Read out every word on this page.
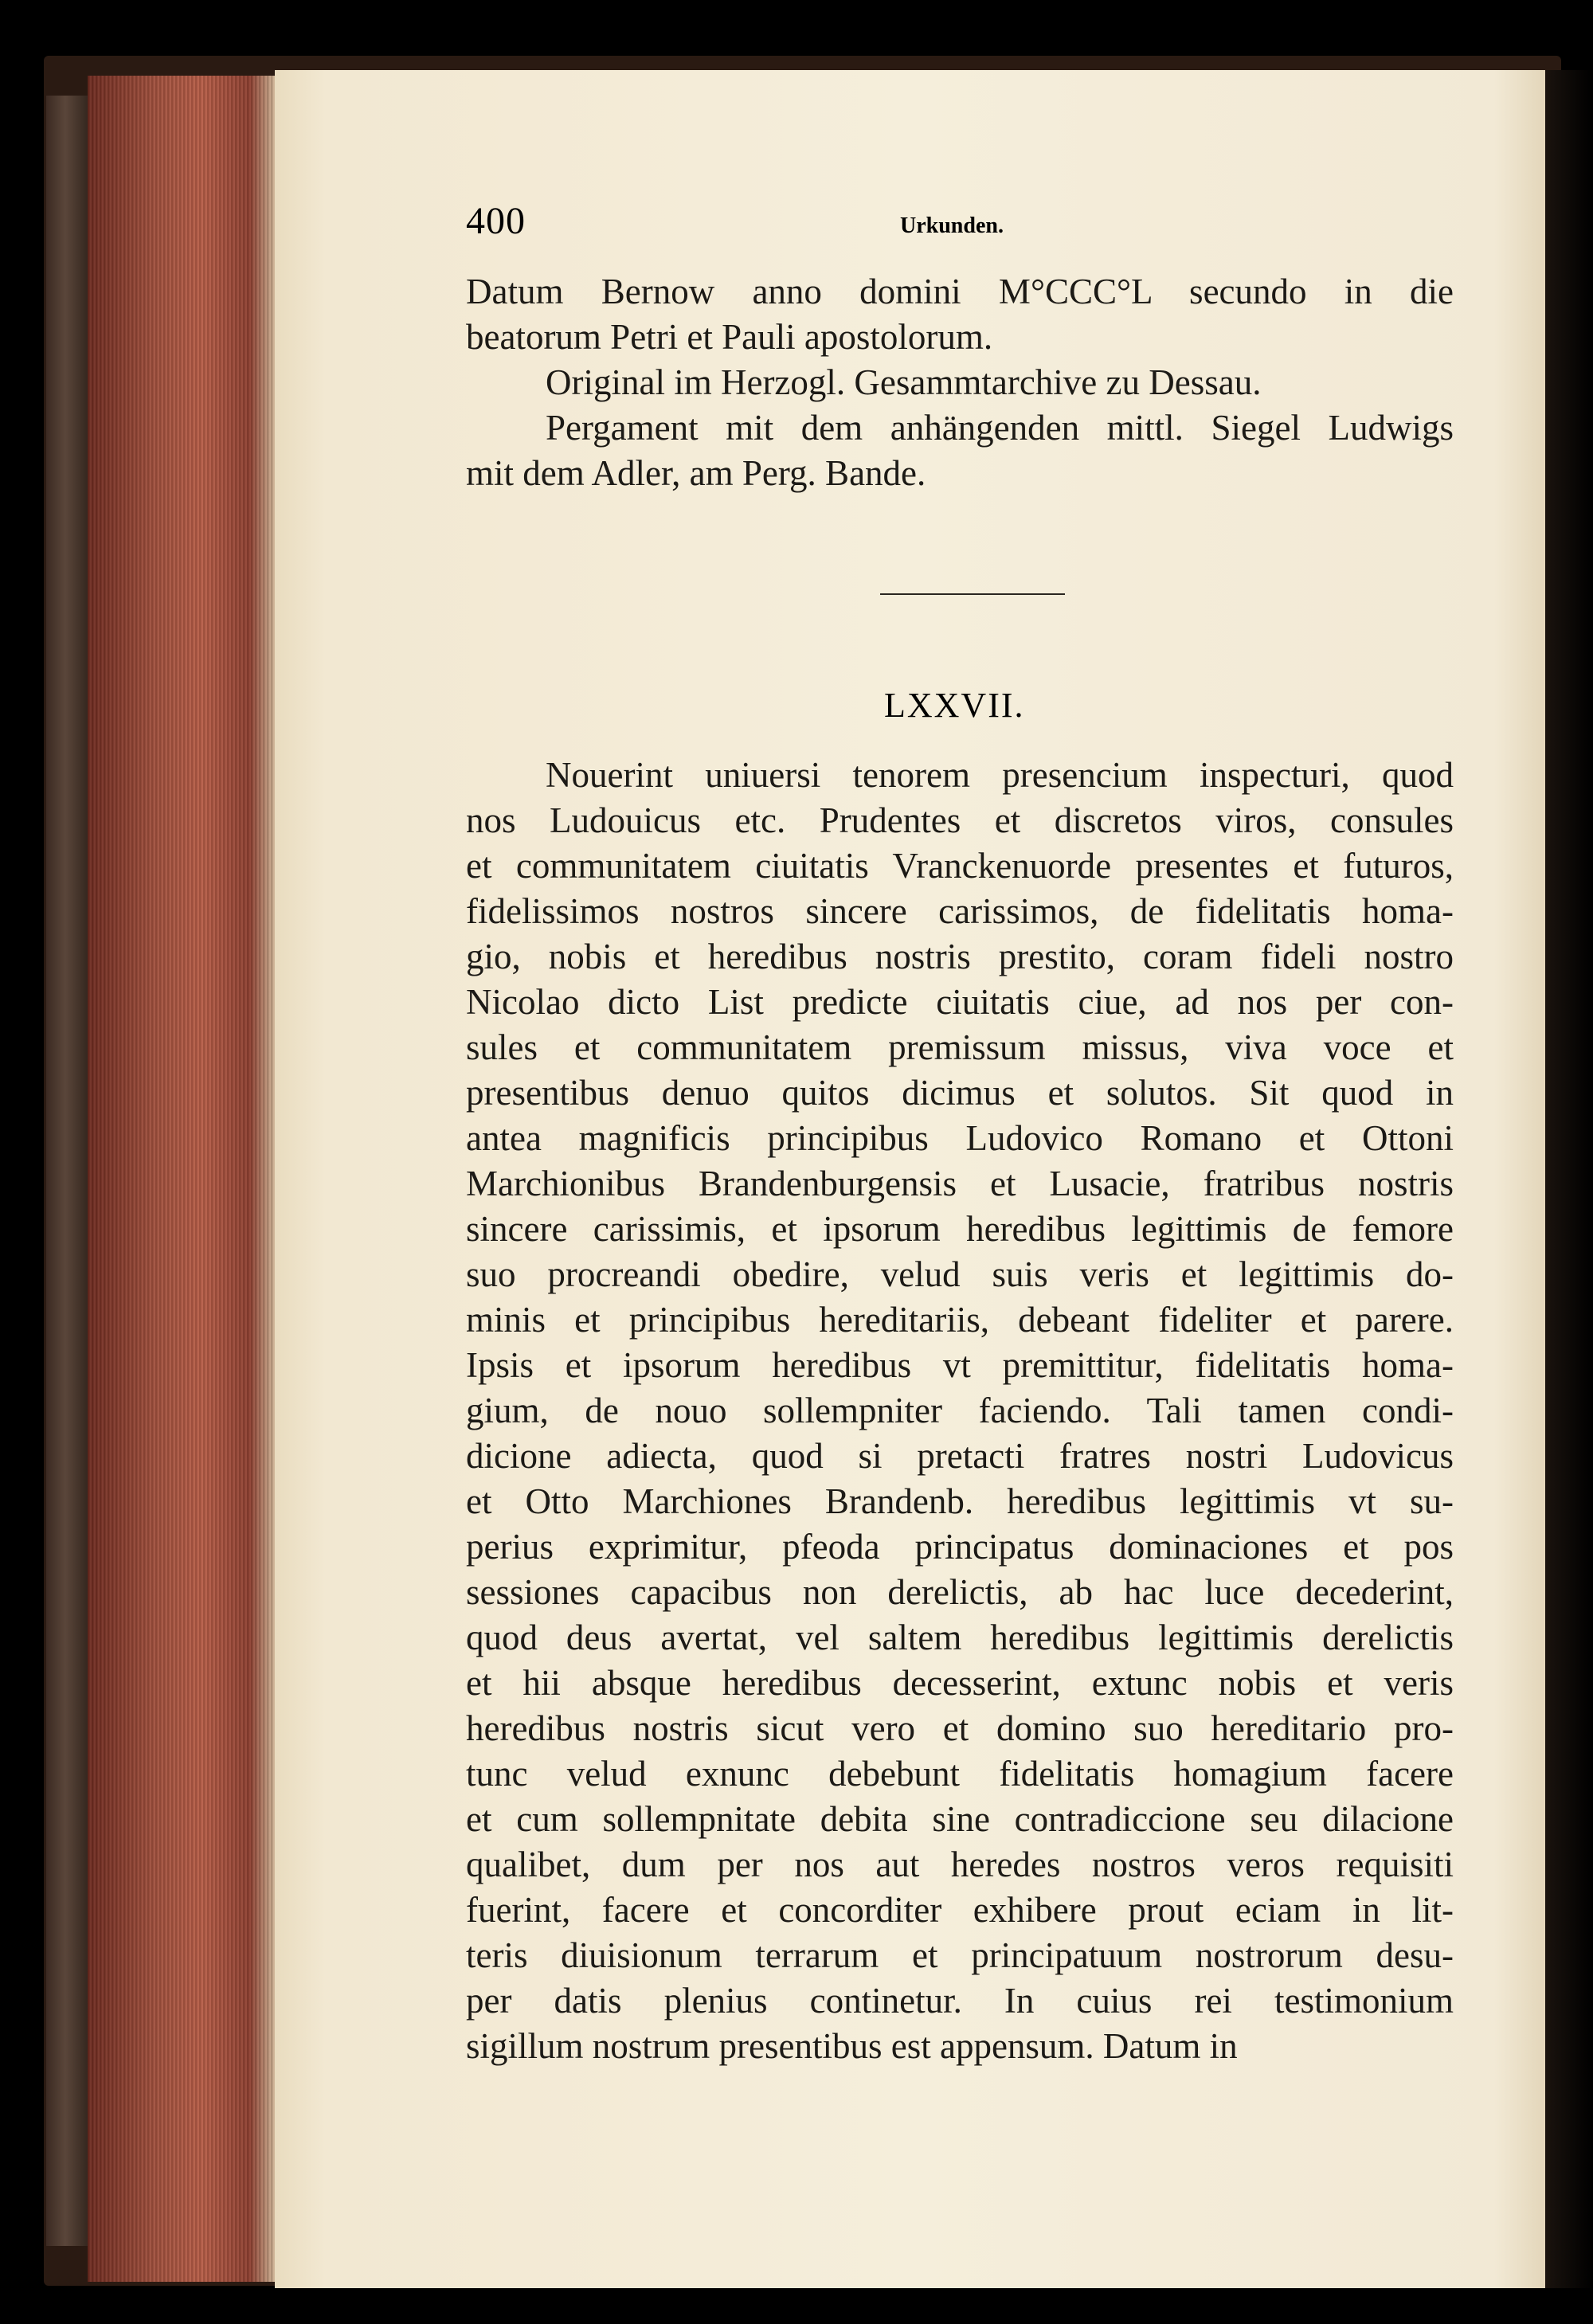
400	Urkunden.
Datum Bernow anno domini M°CCC°L secundo in die
beatorum Petri et Pauli apostolorum.
Original im Herzogl. Gesammtarchive zu Dessau.
Pergament mit dem anhängenden mittl. Siegel Ludwigs
mit dem Adler, am Perg. Bande.
LXXVII.
Nouerint uniuersi tenorem presencium inspecturi, quod
nos Ludouicus etc. Prudentes et discretos viros, consules
et communitatem ciuitatis Vranckenuorde presentes et futuros,
fidelissimos nostros sincere carissimos, de fidelitatis homa-
gio, nobis et heredibus nostris prestito, coram fideli nostro
Nicolao dicto List predicte ciuitatis ciue, ad nos per con-
sules et communitatem premissum missus, viva voce et
presentibus denuo quitos dicimus et solutos. Sit quod in
antea magnificis principibus Ludovico Romano et Ottoni
Marchionibus Brandenburgensis et Lusacie, fratribus nostris
sincere carissimis, et ipsorum heredibus legittimis de femore
suo procreandi obedire, velud suis veris et legittimis do-
minis et principibus hereditariis, debeant fideliter et parere.
Ipsis et ipsorum heredibus vt premittitur, fidelitatis homa-
gium, de nouo sollempniter faciendo. Tali tamen condi-
dicione adiecta, quod si pretacti fratres nostri Ludovicus
et Otto Marchiones Brandenb. heredibus legittimis vt su-
perius exprimitur, pfeoda principatus dominaciones et pos
sessiones capacibus non derelictis, ab hac luce decederint,
quod deus avertat, vel saltem heredibus legittimis derelictis
et hii absque heredibus decesserint, extunc nobis et veris
heredibus nostris sicut vero et domino suo hereditario pro-
tunc velud exnunc debebunt fidelitatis homagium facere
et cum sollempnitate debita sine contradiccione seu dilacione
qualibet, dum per nos aut heredes nostros veros requisiti
fuerint, facere et concorditer exhibere prout eciam in lit-
teris diuisionum terrarum et principatuum nostrorum desu-
per datis plenius continetur. In cuius rei testimonium
sigillum nostrum presentibus est appensum. Datum in
